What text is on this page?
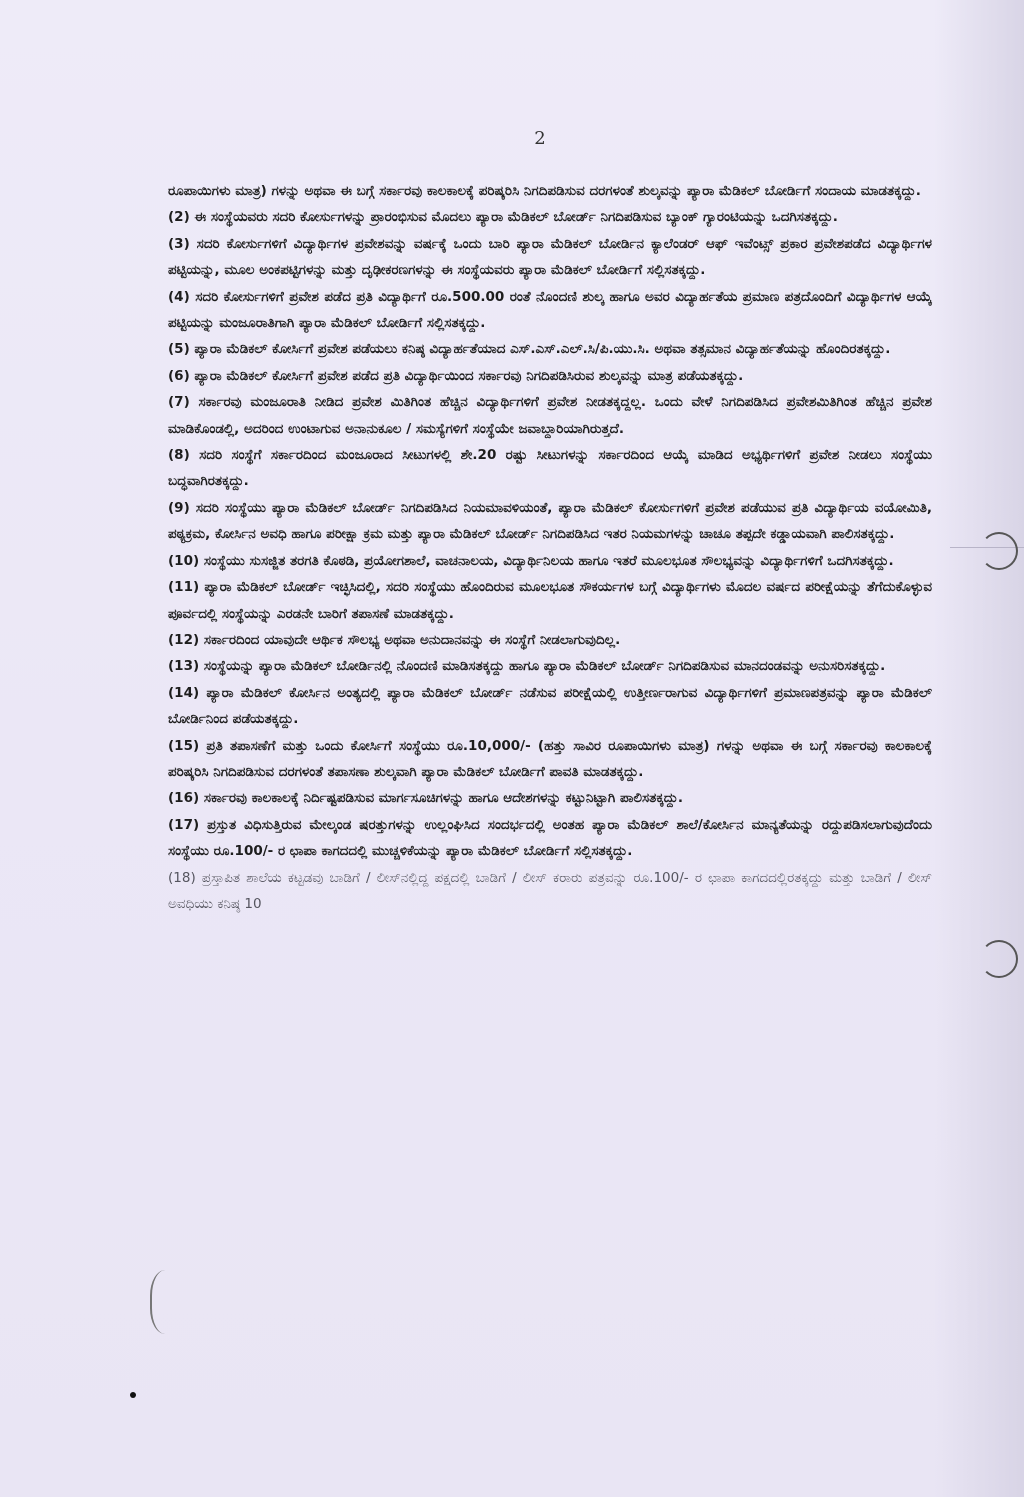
2

ರೂಪಾಯಿಗಳು ಮಾತ್ರ) ಗಳನ್ನು ಅಥವಾ ಈ ಬಗ್ಗೆ ಸರ್ಕಾರವು ಕಾಲಕಾಲಕ್ಕೆ ಪರಿಷ್ಕರಿಸಿ ನಿಗದಿಪಡಿಸುವ ದರಗಳಂತೆ ಶುಲ್ಕವನ್ನು ಪ್ಯಾರಾ ಮೆಡಿಕಲ್ ಬೋರ್ಡಿಗೆ ಸಂದಾಯ ಮಾಡತಕ್ಕದ್ದು.

(2) ಈ ಸಂಸ್ಥೆಯವರು ಸದರಿ ಕೋರ್ಸುಗಳನ್ನು ಪ್ರಾರಂಭಿಸುವ ಮೊದಲು ಪ್ಯಾರಾ ಮೆಡಿಕಲ್ ಬೋರ್ಡ್ ನಿಗದಿಪಡಿಸುವ ಬ್ಯಾಂಕ್ ಗ್ಯಾರಂಟಿಯನ್ನು ಒದಗಿಸತಕ್ಕದ್ದು.

(3) ಸದರಿ ಕೋರ್ಸುಗಳಿಗೆ ವಿದ್ಯಾರ್ಥಿಗಳ ಪ್ರವೇಶವನ್ನು ವರ್ಷಕ್ಕೆ ಒಂದು ಬಾರಿ ಪ್ಯಾರಾ ಮೆಡಿಕಲ್ ಬೋರ್ಡಿನ ಕ್ಯಾಲೆಂಡರ್ ಆಫ್ ಇವೆಂಟ್ಸ್ ಪ್ರಕಾರ ಪ್ರವೇಶಪಡೆದ ವಿದ್ಯಾರ್ಥಿಗಳ ಪಟ್ಟಿಯನ್ನು, ಮೂಲ ಅಂಕಪಟ್ಟಿಗಳನ್ನು ಮತ್ತು ದೃಢೀಕರಣಗಳನ್ನು ಈ ಸಂಸ್ಥೆಯವರು ಪ್ಯಾರಾ ಮೆಡಿಕಲ್ ಬೋರ್ಡಿಗೆ ಸಲ್ಲಿಸತಕ್ಕದ್ದು.

(4) ಸದರಿ ಕೋರ್ಸುಗಳಿಗೆ ಪ್ರವೇಶ ಪಡೆದ ಪ್ರತಿ ವಿದ್ಯಾರ್ಥಿಗೆ ರೂ.500.00 ರಂತೆ ನೊಂದಣಿ ಶುಲ್ಕ ಹಾಗೂ ಅವರ ವಿದ್ಯಾರ್ಹತೆಯ ಪ್ರಮಾಣ ಪತ್ರದೊಂದಿಗೆ ವಿದ್ಯಾರ್ಥಿಗಳ ಆಯ್ಕೆ ಪಟ್ಟಿಯನ್ನು ಮಂಜೂರಾತಿಗಾಗಿ ಪ್ಯಾರಾ ಮೆಡಿಕಲ್ ಬೋರ್ಡಿಗೆ ಸಲ್ಲಿಸತಕ್ಕದ್ದು.

(5) ಪ್ಯಾರಾ ಮೆಡಿಕಲ್ ಕೋರ್ಸಿಗೆ ಪ್ರವೇಶ ಪಡೆಯಲು ಕನಿಷ್ಠ ವಿದ್ಯಾರ್ಹತೆಯಾದ ಎಸ್.ಎಸ್.ಎಲ್.ಸಿ/ಪಿ.ಯು.ಸಿ. ಅಥವಾ ತತ್ಸಮಾನ ವಿದ್ಯಾರ್ಹತೆಯನ್ನು ಹೊಂದಿರತಕ್ಕದ್ದು.

(6) ಪ್ಯಾರಾ ಮೆಡಿಕಲ್ ಕೋರ್ಸಿಗೆ ಪ್ರವೇಶ ಪಡೆದ ಪ್ರತಿ ವಿದ್ಯಾರ್ಥಿಯಿಂದ ಸರ್ಕಾರವು ನಿಗದಿಪಡಿಸಿರುವ ಶುಲ್ಕವನ್ನು ಮಾತ್ರ ಪಡೆಯತಕ್ಕದ್ದು.

(7) ಸರ್ಕಾರವು ಮಂಜೂರಾತಿ ನೀಡಿದ ಪ್ರವೇಶ ಮಿತಿಗಿಂತ ಹೆಚ್ಚಿನ ವಿದ್ಯಾರ್ಥಿಗಳಿಗೆ ಪ್ರವೇಶ ನೀಡತಕ್ಕದ್ದಲ್ಲ. ಒಂದು ವೇಳೆ ನಿಗದಿಪಡಿಸಿದ ಪ್ರವೇಶಮಿತಿಗಿಂತ ಹೆಚ್ಚಿನ ಪ್ರವೇಶ ಮಾಡಿಕೊಂಡಲ್ಲಿ, ಅದರಿಂದ ಉಂಟಾಗುವ ಅನಾನುಕೂಲ / ಸಮಸ್ಯೆಗಳಿಗೆ ಸಂಸ್ಥೆಯೇ ಜವಾಬ್ದಾರಿಯಾಗಿರುತ್ತದೆ.

(8) ಸದರಿ ಸಂಸ್ಥೆಗೆ ಸರ್ಕಾರದಿಂದ ಮಂಜೂರಾದ ಸೀಟುಗಳಲ್ಲಿ ಶೇ.20 ರಷ್ಟು ಸೀಟುಗಳನ್ನು ಸರ್ಕಾರದಿಂದ ಆಯ್ಕೆ ಮಾಡಿದ ಅಭ್ಯರ್ಥಿಗಳಿಗೆ ಪ್ರವೇಶ ನೀಡಲು ಸಂಸ್ಥೆಯು ಬದ್ಧವಾಗಿರತಕ್ಕದ್ದು.

(9) ಸದರಿ ಸಂಸ್ಥೆಯು ಪ್ಯಾರಾ ಮೆಡಿಕಲ್ ಬೋರ್ಡ್ ನಿಗದಿಪಡಿಸಿದ ನಿಯಮಾವಳಿಯಂತೆ, ಪ್ಯಾರಾ ಮೆಡಿಕಲ್ ಕೋರ್ಸುಗಳಿಗೆ ಪ್ರವೇಶ ಪಡೆಯುವ ಪ್ರತಿ ವಿದ್ಯಾರ್ಥಿಯ ವಯೋಮಿತಿ, ಪಠ್ಯಕ್ರಮ, ಕೋರ್ಸಿನ ಅವಧಿ ಹಾಗೂ ಪರೀಕ್ಷಾ ಕ್ರಮ ಮತ್ತು ಪ್ಯಾರಾ ಮೆಡಿಕಲ್ ಬೋರ್ಡ್ ನಿಗದಿಪಡಿಸಿದ ಇತರ ನಿಯಮಗಳನ್ನು ಚಾಚೂ ತಪ್ಪದೇ ಕಡ್ಡಾಯವಾಗಿ ಪಾಲಿಸತಕ್ಕದ್ದು.

(10) ಸಂಸ್ಥೆಯು ಸುಸಜ್ಜಿತ ತರಗತಿ ಕೊಠಡಿ, ಪ್ರಯೋಗಶಾಲೆ, ವಾಚನಾಲಯ, ವಿದ್ಯಾರ್ಥಿನಿಲಯ ಹಾಗೂ ಇತರೆ ಮೂಲಭೂತ ಸೌಲಭ್ಯವನ್ನು ವಿದ್ಯಾರ್ಥಿಗಳಿಗೆ ಒದಗಿಸತಕ್ಕದ್ದು.

(11) ಪ್ಯಾರಾ ಮೆಡಿಕಲ್ ಬೋರ್ಡ್ ಇಚ್ಛಿಸಿದಲ್ಲಿ, ಸದರಿ ಸಂಸ್ಥೆಯು ಹೊಂದಿರುವ ಮೂಲಭೂತ ಸೌಕರ್ಯಗಳ ಬಗ್ಗೆ ವಿದ್ಯಾರ್ಥಿಗಳು ಮೊದಲ ವರ್ಷದ ಪರೀಕ್ಷೆಯನ್ನು ತೆಗೆದುಕೊಳ್ಳುವ ಪೂರ್ವದಲ್ಲಿ ಸಂಸ್ಥೆಯನ್ನು ಎರಡನೇ ಬಾರಿಗೆ ತಪಾಸಣೆ ಮಾಡತಕ್ಕದ್ದು.

(12) ಸರ್ಕಾರದಿಂದ ಯಾವುದೇ ಆರ್ಥಿಕ ಸೌಲಭ್ಯ ಅಥವಾ ಅನುದಾನವನ್ನು ಈ ಸಂಸ್ಥೆಗೆ ನೀಡಲಾಗುವುದಿಲ್ಲ.

(13) ಸಂಸ್ಥೆಯನ್ನು ಪ್ಯಾರಾ ಮೆಡಿಕಲ್ ಬೋರ್ಡಿನಲ್ಲಿ ನೊಂದಣಿ ಮಾಡಿಸತಕ್ಕದ್ದು ಹಾಗೂ ಪ್ಯಾರಾ ಮೆಡಿಕಲ್ ಬೋರ್ಡ್ ನಿಗದಿಪಡಿಸುವ ಮಾನದಂಡವನ್ನು ಅನುಸರಿಸತಕ್ಕದ್ದು.

(14) ಪ್ಯಾರಾ ಮೆಡಿಕಲ್ ಕೋರ್ಸಿನ ಅಂತ್ಯದಲ್ಲಿ ಪ್ಯಾರಾ ಮೆಡಿಕಲ್ ಬೋರ್ಡ್ ನಡೆಸುವ ಪರೀಕ್ಷೆಯಲ್ಲಿ ಉತ್ತೀರ್ಣರಾಗುವ ವಿದ್ಯಾರ್ಥಿಗಳಿಗೆ ಪ್ರಮಾಣಪತ್ರವನ್ನು ಪ್ಯಾರಾ ಮೆಡಿಕಲ್ ಬೋರ್ಡಿನಿಂದ ಪಡೆಯತಕ್ಕದ್ದು.

(15) ಪ್ರತಿ ತಪಾಸಣೆಗೆ ಮತ್ತು ಒಂದು ಕೋರ್ಸಿಗೆ ಸಂಸ್ಥೆಯು ರೂ.10,000/- (ಹತ್ತು ಸಾವಿರ ರೂಪಾಯಿಗಳು ಮಾತ್ರ) ಗಳನ್ನು ಅಥವಾ ಈ ಬಗ್ಗೆ ಸರ್ಕಾರವು ಕಾಲಕಾಲಕ್ಕೆ ಪರಿಷ್ಕರಿಸಿ ನಿಗದಿಪಡಿಸುವ ದರಗಳಂತೆ ತಪಾಸಣಾ ಶುಲ್ಕವಾಗಿ ಪ್ಯಾರಾ ಮೆಡಿಕಲ್ ಬೋರ್ಡಿಗೆ ಪಾವತಿ ಮಾಡತಕ್ಕದ್ದು.

(16) ಸರ್ಕಾರವು ಕಾಲಕಾಲಕ್ಕೆ ನಿರ್ದಿಷ್ಟಪಡಿಸುವ ಮಾರ್ಗಸೂಚಿಗಳನ್ನು ಹಾಗೂ ಆದೇಶಗಳನ್ನು ಕಟ್ಟುನಿಟ್ಟಾಗಿ ಪಾಲಿಸತಕ್ಕದ್ದು.

(17) ಪ್ರಸ್ತುತ ವಿಧಿಸುತ್ತಿರುವ ಮೇಲ್ಕಂಡ ಷರತ್ತುಗಳನ್ನು ಉಲ್ಲಂಘಿಸಿದ ಸಂದರ್ಭದಲ್ಲಿ ಅಂತಹ ಪ್ಯಾರಾ ಮೆಡಿಕಲ್ ಶಾಲೆ/ಕೋರ್ಸಿನ ಮಾನ್ಯತೆಯನ್ನು ರದ್ದುಪಡಿಸಲಾಗುವುದೆಂದು ಸಂಸ್ಥೆಯು ರೂ.100/- ರ ಛಾಪಾ ಕಾಗದದಲ್ಲಿ ಮುಚ್ಚಳಿಕೆಯನ್ನು ಪ್ಯಾರಾ ಮೆಡಿಕಲ್ ಬೋರ್ಡಿಗೆ ಸಲ್ಲಿಸತಕ್ಕದ್ದು.

(18) ಪ್ರಸ್ತಾಪಿತ ಶಾಲೆಯ ಕಟ್ಟಡವು ಬಾಡಿಗೆ / ಲೀಸ್‌ನಲ್ಲಿದ್ದ ಪಕ್ಷದಲ್ಲಿ ಬಾಡಿಗೆ / ಲೀಸ್ ಕರಾರು ಪತ್ರವನ್ನು ರೂ.100/- ರ ಛಾಪಾ ಕಾಗದದಲ್ಲಿರತಕ್ಕದ್ದು ಮತ್ತು ಬಾಡಿಗೆ / ಲೀಸ್ ಅವಧಿಯು ಕನಿಷ್ಠ 10
